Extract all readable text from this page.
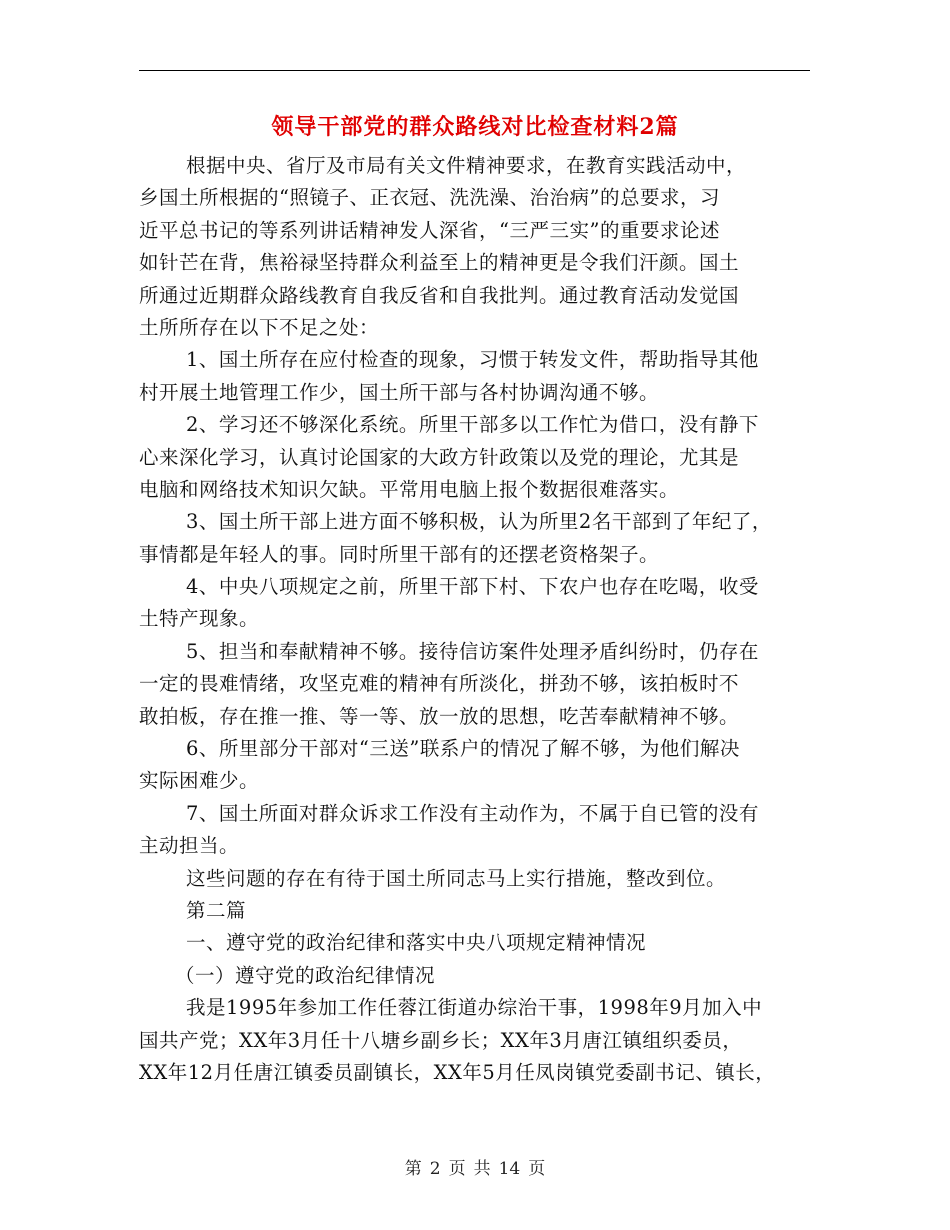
领导干部党的群众路线对比检查材料2篇
根据中央、省厅及市局有关文件精神要求，在教育实践活动中，
乡国土所根据的“照镜子、正衣冠、洗洗澡、治治病”的总要求，习
近平总书记的等系列讲话精神发人深省，“三严三实”的重要求论述
如针芒在背，焦裕禄坚持群众利益至上的精神更是令我们汗颜。国土
所通过近期群众路线教育自我反省和自我批判。通过教育活动发觉国
土所所存在以下不足之处：
1、国土所存在应付检查的现象，习惯于转发文件，帮助指导其他
村开展土地管理工作少，国土所干部与各村协调沟通不够。
2、学习还不够深化系统。所里干部多以工作忙为借口，没有静下
心来深化学习，认真讨论国家的大政方针政策以及党的理论，尤其是
电脑和网络技术知识欠缺。平常用电脑上报个数据很难落实。
3、国土所干部上进方面不够积极，认为所里2名干部到了年纪了，
事情都是年轻人的事。同时所里干部有的还摆老资格架子。
4、中央八项规定之前，所里干部下村、下农户也存在吃喝，收受
土特产现象。
5、担当和奉献精神不够。接待信访案件处理矛盾纠纷时，仍存在
一定的畏难情绪，攻坚克难的精神有所淡化，拼劲不够，该拍板时不
敢拍板，存在推一推、等一等、放一放的思想，吃苦奉献精神不够。
6、所里部分干部对“三送”联系户的情况了解不够，为他们解决
实际困难少。
7、国土所面对群众诉求工作没有主动作为，不属于自已管的没有
主动担当。
这些问题的存在有待于国土所同志马上实行措施，整改到位。
第二篇
一、遵守党的政治纪律和落实中央八项规定精神情况
（一）遵守党的政治纪律情况
我是1995年参加工作任蓉江街道办综治干事，1998年9月加入中
国共产党；XX年3月任十八塘乡副乡长；XX年3月唐江镇组织委员，
XX年12月任唐江镇委员副镇长，XX年5月任凤岗镇党委副书记、镇长，
第 2 页 共 14 页
